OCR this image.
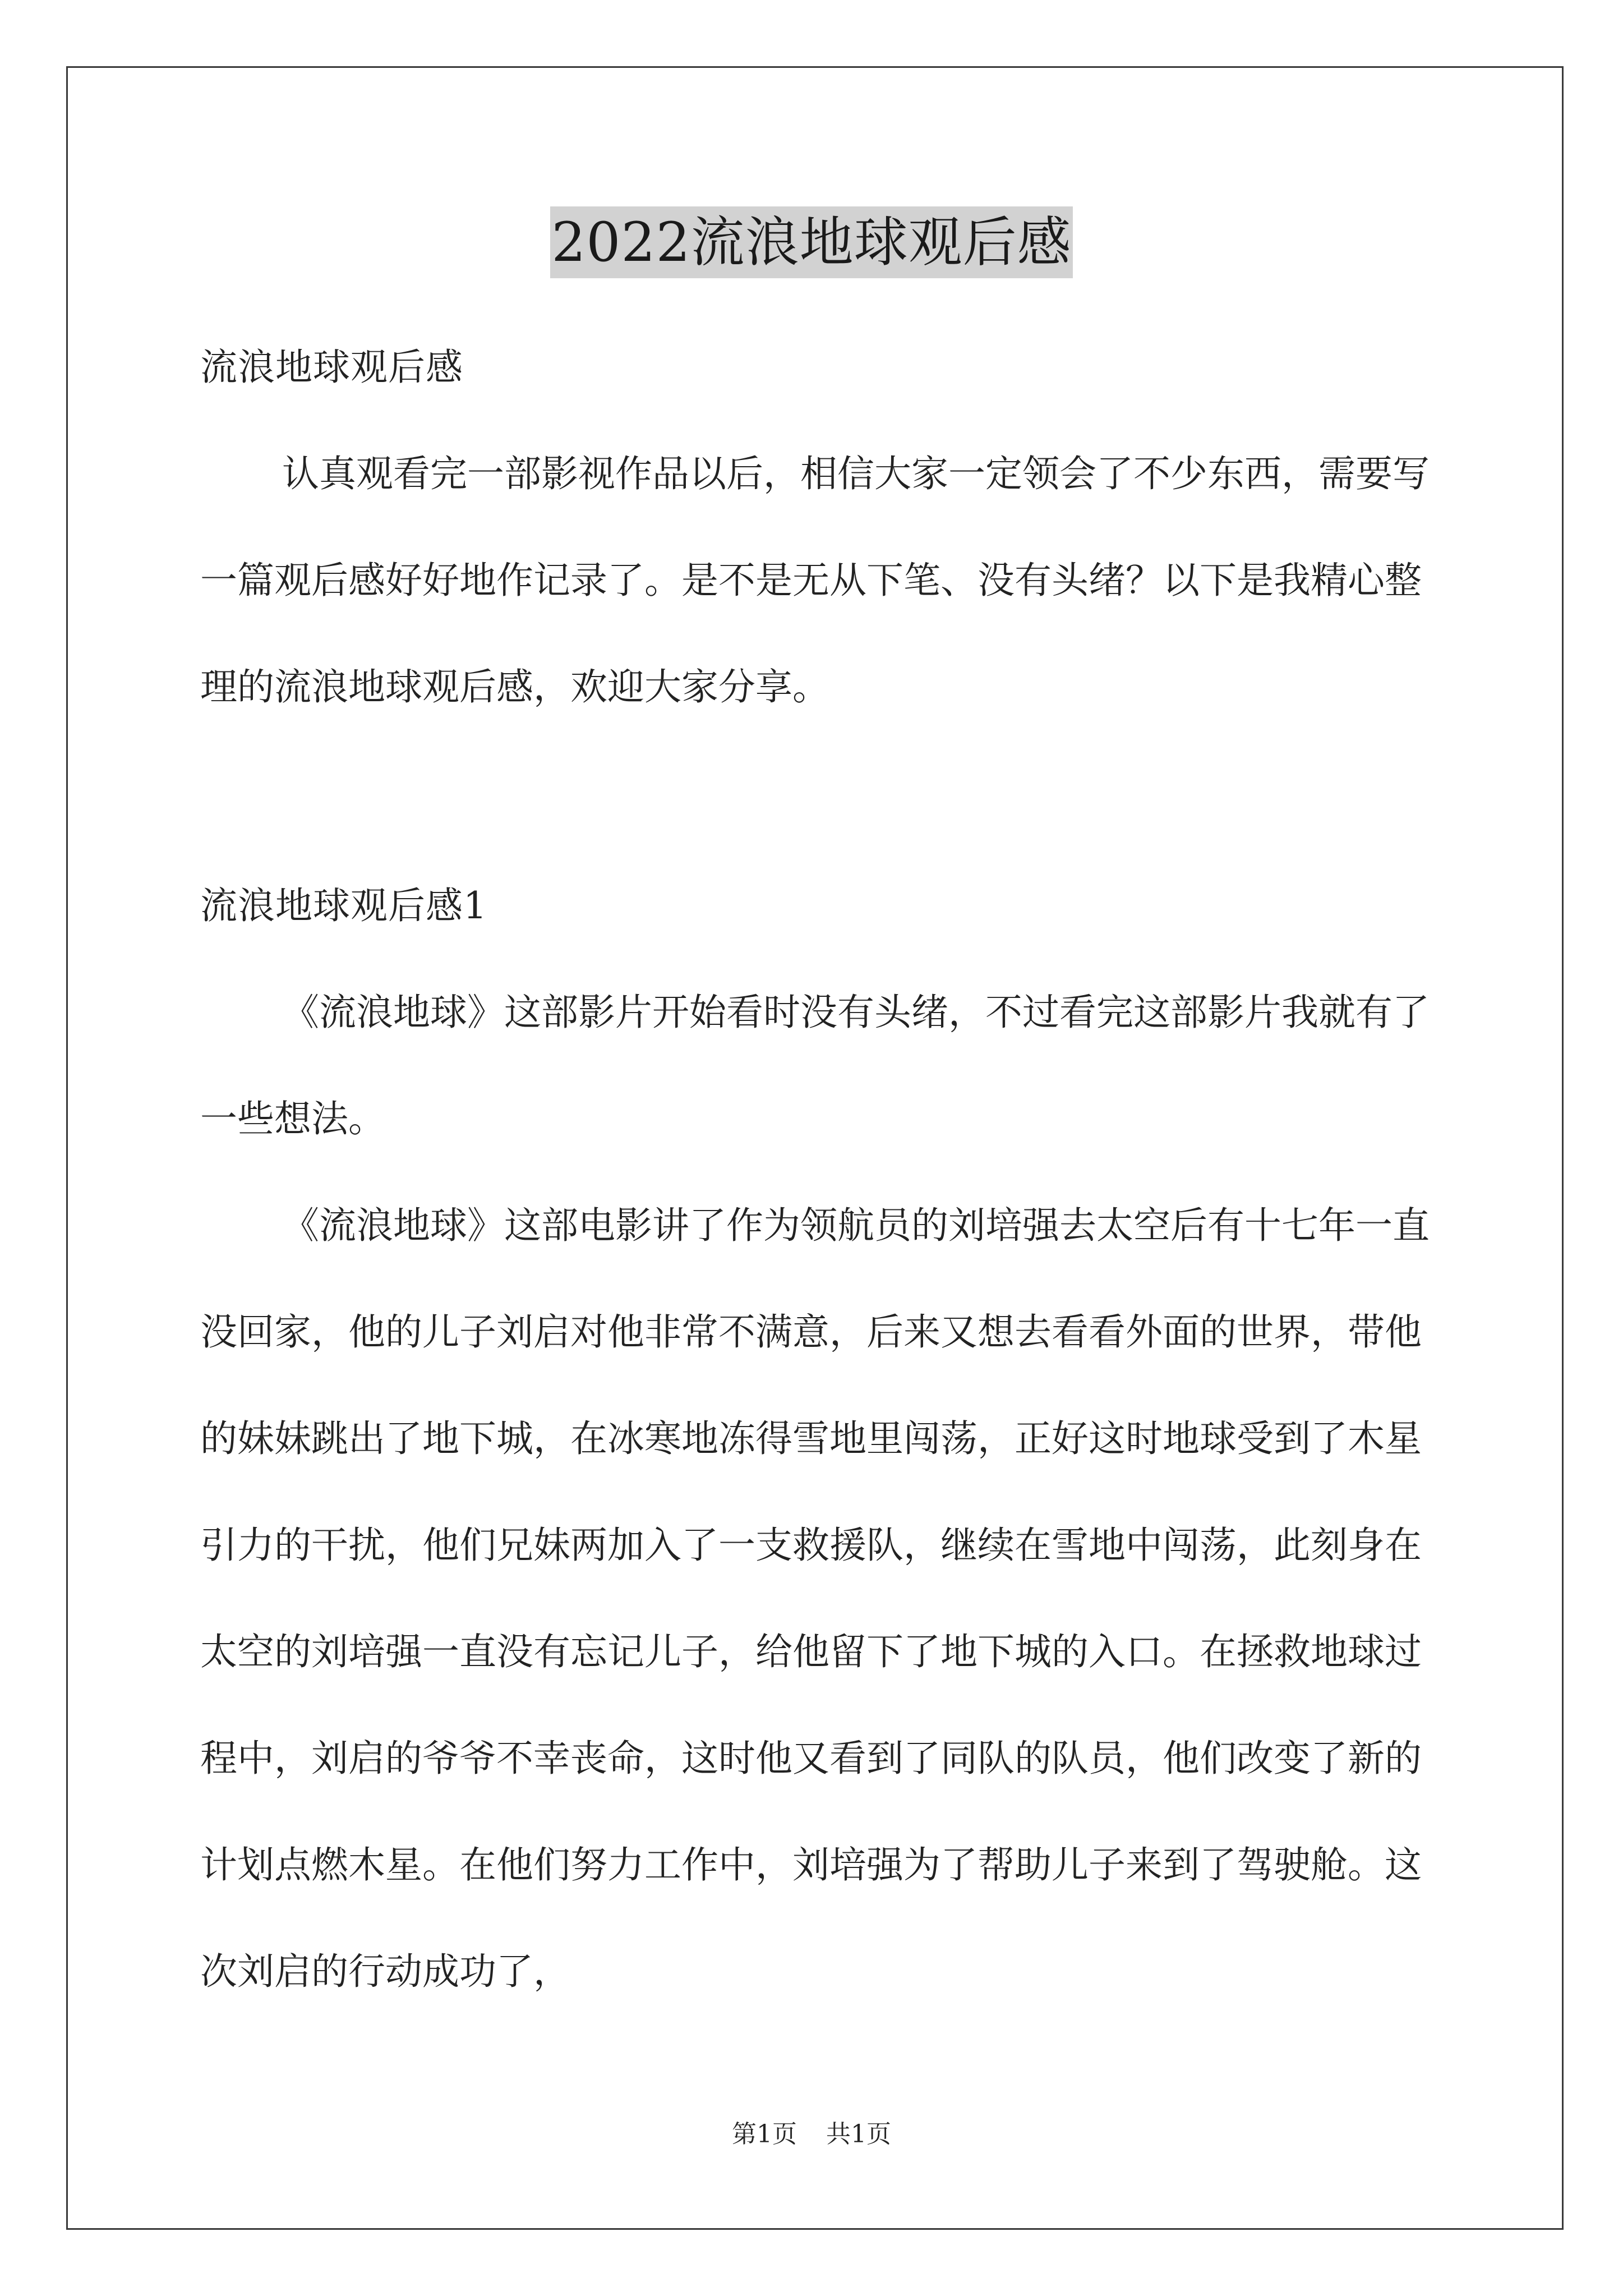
2022流浪地球观后感

流浪地球观后感

认真观看完一部影视作品以后，相信大家一定领会了不少东西，需要写一篇观后感好好地作记录了。是不是无从下笔、没有头绪？以下是我精心整理的流浪地球观后感，欢迎大家分享。

流浪地球观后感1

《流浪地球》这部影片开始看时没有头绪，不过看完这部影片我就有了一些想法。

《流浪地球》这部电影讲了作为领航员的刘培强去太空后有十七年一直没回家，他的儿子刘启对他非常不满意，后来又想去看看外面的世界，带他的妹妹跳出了地下城，在冰寒地冻得雪地里闯荡，正好这时地球受到了木星引力的干扰，他们兄妹两加入了一支救援队，继续在雪地中闯荡，此刻身在太空的刘培强一直没有忘记儿子，给他留下了地下城的入口。在拯救地球过程中，刘启的爷爷不幸丧命，这时他又看到了同队的队员，他们改变了新的计划点燃木星。在他们努力工作中，刘培强为了帮助儿子来到了驾驶舱。这次刘启的行动成功了，

第1页 共1页
